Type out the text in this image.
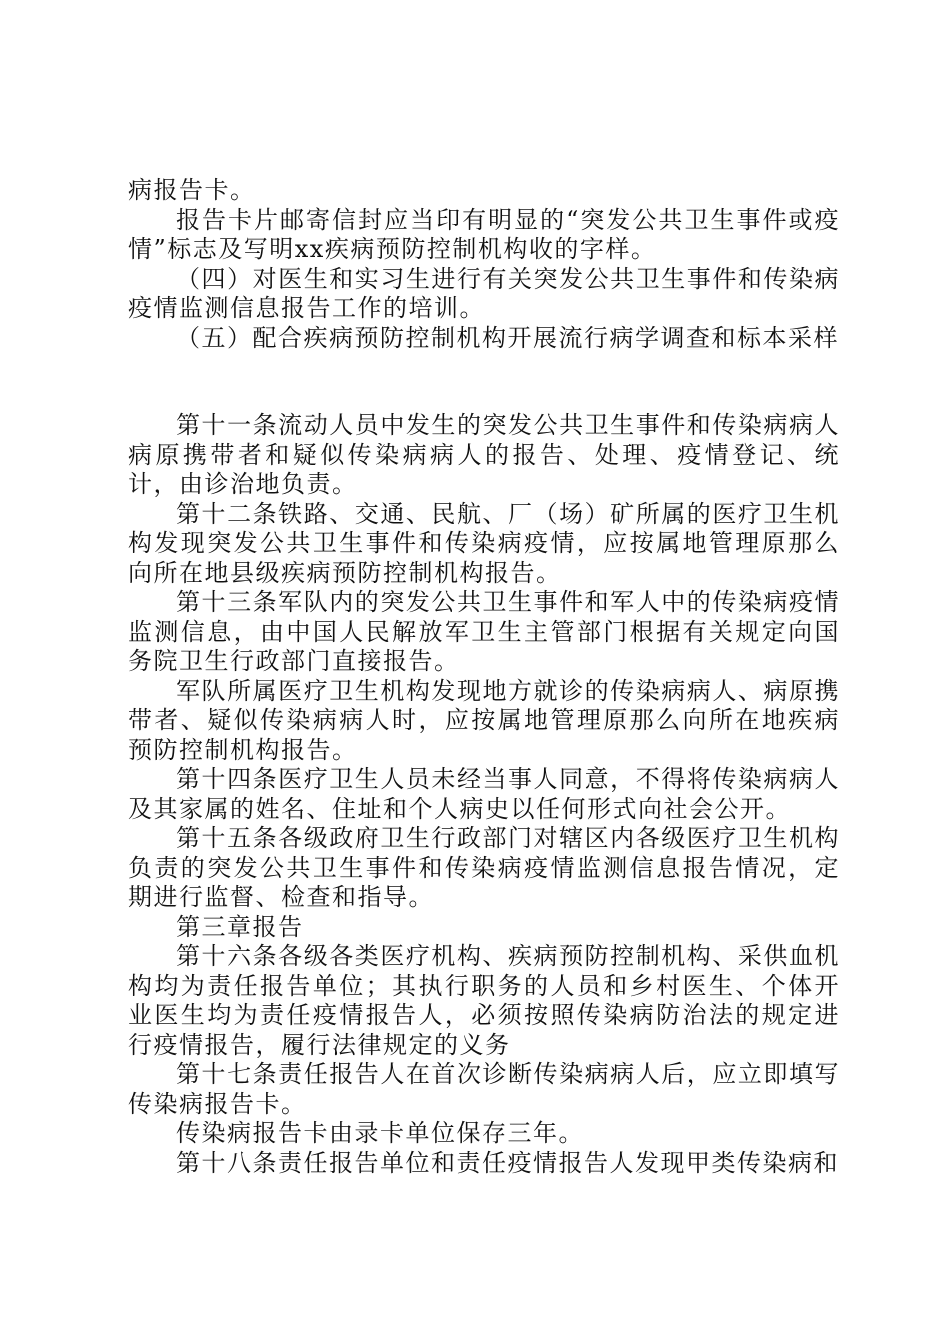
病报告卡。

报告卡片邮寄信封应当印有明显的“突发公共卫生事件或疫情”标志及写明xx疾病预防控制机构收的字样。

（四）对医生和实习生进行有关突发公共卫生事件和传染病疫情监测信息报告工作的培训。

（五）配合疾病预防控制机构开展流行病学调查和标本采样

第十一条流动人员中发生的突发公共卫生事件和传染病病人病原携带者和疑似传染病病人的报告、处理、疫情登记、统计，由诊治地负责。

第十二条铁路、交通、民航、厂（场）矿所属的医疗卫生机构发现突发公共卫生事件和传染病疫情，应按属地管理原那么向所在地县级疾病预防控制机构报告。

第十三条军队内的突发公共卫生事件和军人中的传染病疫情监测信息，由中国人民解放军卫生主管部门根据有关规定向国务院卫生行政部门直接报告。

军队所属医疗卫生机构发现地方就诊的传染病病人、病原携带者、疑似传染病病人时，应按属地管理原那么向所在地疾病预防控制机构报告。

第十四条医疗卫生人员未经当事人同意，不得将传染病病人及其家属的姓名、住址和个人病史以任何形式向社会公开。

第十五条各级政府卫生行政部门对辖区内各级医疗卫生机构负责的突发公共卫生事件和传染病疫情监测信息报告情况，定期进行监督、检查和指导。

第三章报告

第十六条各级各类医疗机构、疾病预防控制机构、采供血机构均为责任报告单位；其执行职务的人员和乡村医生、个体开业医生均为责任疫情报告人，必须按照传染病防治法的规定进行疫情报告，履行法律规定的义务

第十七条责任报告人在首次诊断传染病病人后，应立即填写传染病报告卡。

传染病报告卡由录卡单位保存三年。

第十八条责任报告单位和责任疫情报告人发现甲类传染病和
